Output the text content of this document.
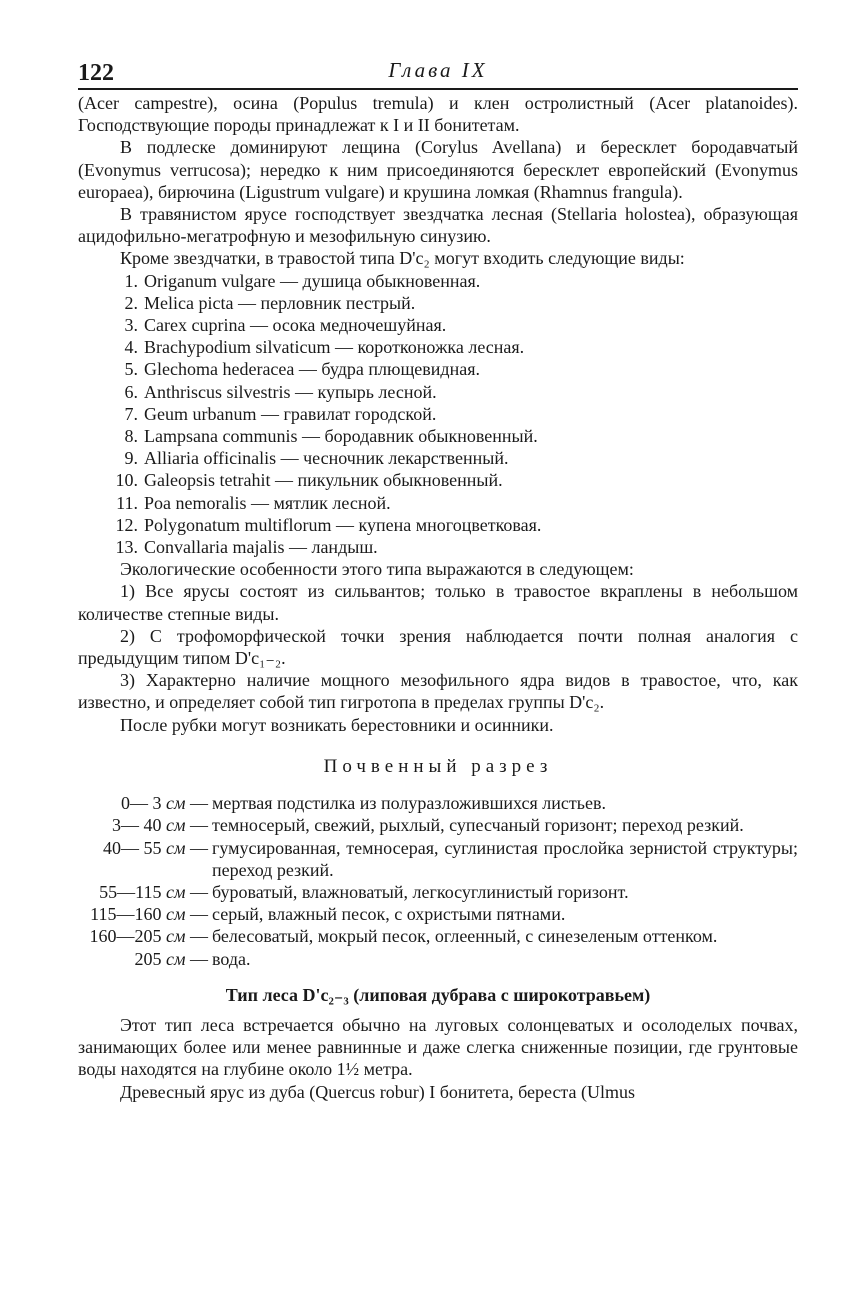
122	Глава IX

(Acer campestre), осина (Populus tremula) и клен остролистный (Acer platanoides). Господствующие породы принадлежат к I и II бонитетам.

В подлеске доминируют лещина (Corylus Avellana) и бересклет бородавчатый (Evonymus verrucosa); нередко к ним присоединяются бересклет европейский (Evonymus europaea), бирючина (Ligustrum vulgare) и крушина ломкая (Rhamnus frangula).

В травянистом ярусе господствует звездчатка лесная (Stellaria holostea), образующая ацидофильно-мегатрофную и мезофильную синузию.

Кроме звездчатки, в травостой типа D'c₂ могут входить следующие виды:

1. Origanum vulgare — душица обыкновенная.
2. Melica picta — перловник пестрый.
3. Carex cuprina — осока медночешуйная.
4. Brachypodium silvaticum — коротконожка лесная.
5. Glechoma hederacea — будра плющевидная.
6. Anthriscus silvestris — купырь лесной.
7. Geum urbanum — гравилат городской.
8. Lampsana communis — бородавник обыкновенный.
9. Alliaria officinalis — чесночник лекарственный.
10. Galeopsis tetrahit — пикульник обыкновенный.
11. Poa nemoralis — мятлик лесной.
12. Polygonatum multiflorum — купена многоцветковая.
13. Convallaria majalis — ландыш.

Экологические особенности этого типа выражаются в следующем:

1) Все ярусы состоят из сильвантов; только в травостое вкраплены в небольшом количестве степные виды.

2) С трофоморфической точки зрения наблюдается почти полная аналогия с предыдущим типом D'c₁₋₂.

3) Характерно наличие мощного мезофильного ядра видов в травостое, что, как известно, и определяет собой тип гигротопа в пределах группы D'c₂.

После рубки могут возникать берестовники и осинники.

Почвенный разрез
0— 3 см — мертвая подстилка из полуразложившихся листьев.
3— 40 см — темносерый, свежий, рыхлый, супесчаный горизонт; переход резкий.
40— 55 см — гумусированная, темносерая, суглинистая прослойка зернистой структуры; переход резкий.
55—115 см — буроватый, влажноватый, легкосуглинистый горизонт.
115—160 см — серый, влажный песок, с охристыми пятнами.
160—205 см — белесоватый, мокрый песок, оглеенный, с синезеленым оттенком.
205 см — вода.
Тип леса D'c₂₋₃ (липовая дубрава с широкотравьем)

Этот тип леса встречается обычно на луговых солонцеватых и осолоделых почвах, занимающих более или менее равнинные и даже слегка сниженные позиции, где грунтовые воды находятся на глубине около 1½ метра.

Древесный ярус из дуба (Quercus robur) I бонитета, береста (Ulmus
